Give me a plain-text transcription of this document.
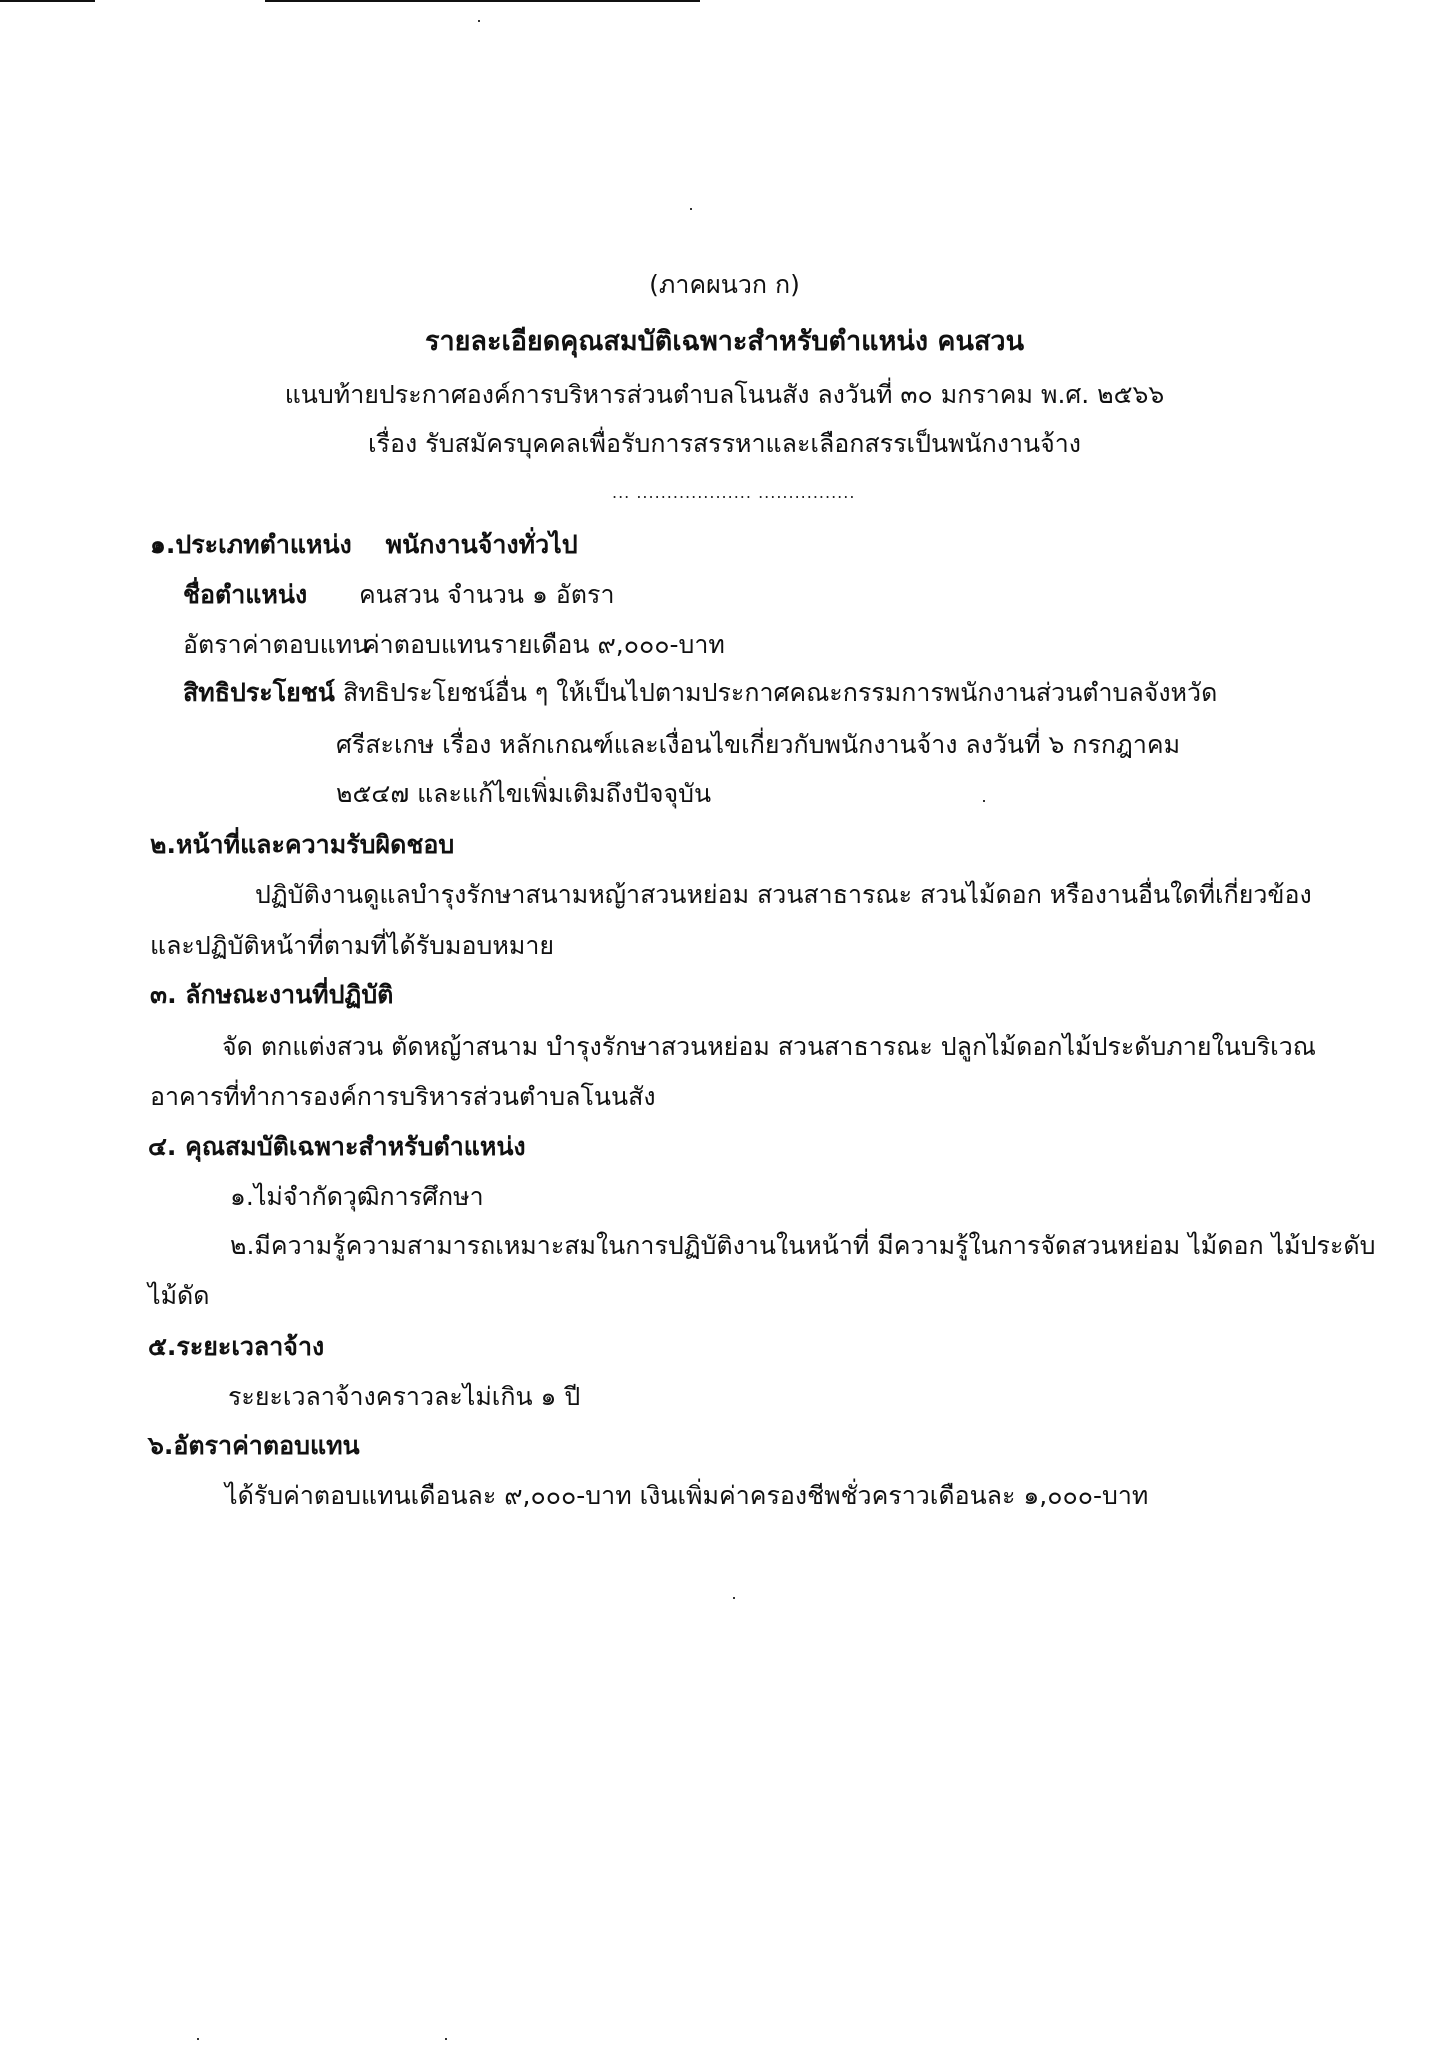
(ภาคผนวก ก)
รายละเอียดคุณสมบัติเฉพาะสำหรับตำแหน่ง คนสวน
แนบท้ายประกาศองค์การบริหารส่วนตำบลโนนสัง ลงวันที่ ๓๐ มกราคม พ.ศ. ๒๕๖๖
เรื่อง รับสมัครบุคคลเพื่อรับการสรรหาและเลือกสรรเป็นพนักงานจ้าง
... ................... ................
๑.ประเภทตำแหน่ง พนักงานจ้างทั่วไป
ชื่อตำแหน่ง คนสวน จำนวน ๑ อัตรา
อัตราค่าตอบแทน ค่าตอบแทนรายเดือน ๙,๐๐๐-บาท
สิทธิประโยชน์ สิทธิประโยชน์อื่น ๆ ให้เป็นไปตามประกาศคณะกรรมการพนักงานส่วนตำบลจังหวัด
ศรีสะเกษ เรื่อง หลักเกณฑ์และเงื่อนไขเกี่ยวกับพนักงานจ้าง ลงวันที่ ๖ กรกฎาคม
๒๕๔๗ และแก้ไขเพิ่มเติมถึงปัจจุบัน
๒.หน้าที่และความรับผิดชอบ
ปฏิบัติงานดูแลบำรุงรักษาสนามหญ้าสวนหย่อม สวนสาธารณะ สวนไม้ดอก หรืองานอื่นใดที่เกี่ยวข้อง
และปฏิบัติหน้าที่ตามที่ได้รับมอบหมาย
๓. ลักษณะงานที่ปฏิบัติ
จัด ตกแต่งสวน ตัดหญ้าสนาม บำรุงรักษาสวนหย่อม สวนสาธารณะ ปลูกไม้ดอกไม้ประดับภายในบริเวณ
อาคารที่ทำการองค์การบริหารส่วนตำบลโนนสัง
๔. คุณสมบัติเฉพาะสำหรับตำแหน่ง
๑.ไม่จำกัดวุฒิการศึกษา
๒.มีความรู้ความสามารถเหมาะสมในการปฏิบัติงานในหน้าที่ มีความรู้ในการจัดสวนหย่อม ไม้ดอก ไม้ประดับ
ไม้ดัด
๕.ระยะเวลาจ้าง
ระยะเวลาจ้างคราวละไม่เกิน ๑ ปี
๖.อัตราค่าตอบแทน
ได้รับค่าตอบแทนเดือนละ ๙,๐๐๐-บาท เงินเพิ่มค่าครองชีพชั่วคราวเดือนละ ๑,๐๐๐-บาท
